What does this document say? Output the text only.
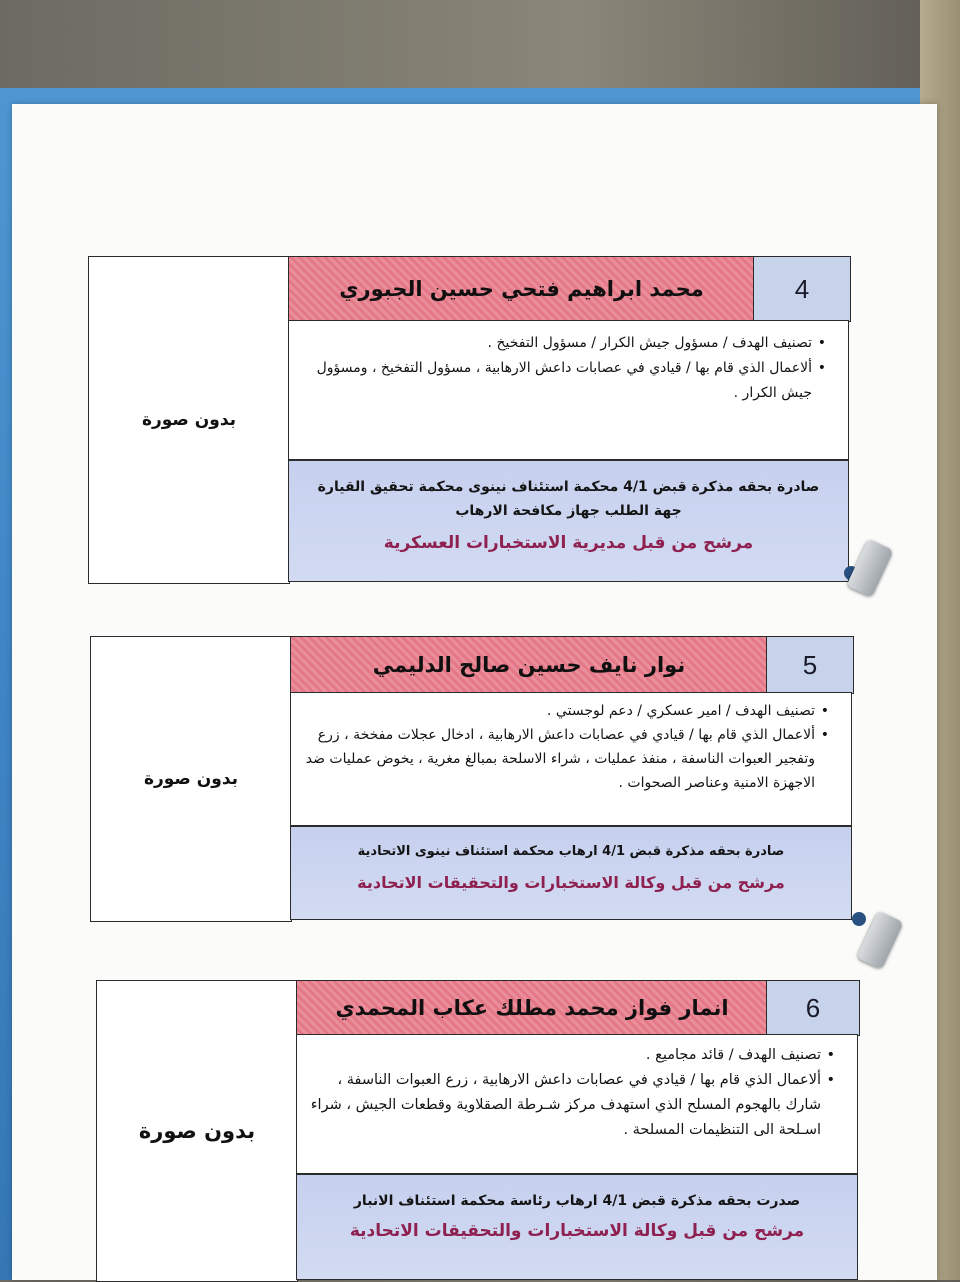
بدون صورة
محمد ابراهيم فتحي حسين الجبوري	4
• تصنيف الهدف / مسؤول جيش الكرار / مسؤول التفخيخ .
• ألاعمال الذي قام بها / قيادي في عصابات داعش الارهابية ، مسؤول التفخيخ ، ومسؤول جيش الكرار .
صادرة بحقه مذكرة قبض 4/1 محكمة استئناف نينوى محكمة تحقيق القيارة جهة الطلب جهاز مكافحة الارهاب
مرشح من قبل مديرية الاستخبارات العسكرية
بدون صورة
نوار نايف حسين صالح الدليمي	5
• تصنيف الهدف / امير عسكري / دعم لوجستي .
• ألاعمال الذي قام بها / قيادي في عصابات داعش الارهابية ، ادخال عجلات مفخخة ، زرع وتفجير العبوات الناسفة ، منفذ عمليات ، شراء الاسلحة بمبالغ مغرية ، يخوض عمليات ضد الاجهزة الامنية وعناصر الصحوات .
صادرة بحقه مذكرة قبض 4/1 ارهاب محكمة استئناف نينوى الاتحادية
مرشح من قبل وكالة الاستخبارات والتحقيقات الاتحادية
بدون صورة
انمار فواز محمد مطلك عكاب المحمدي	6
• تصنيف الهدف / قائد مجاميع .
• ألاعمال الذي قام بها / قيادي في عصابات داعش الارهابية ، زرع العبوات الناسفة ، شارك بالهجوم المسلح الذي استهدف مركز شـرطة الصقلاوية وقطعات الجيش ، شراء اسـلحة الى التنظيمات المسلحة .
صدرت بحقه مذكرة قبض 4/1 ارهاب رئاسة محكمة استئناف الانبار
مرشح من قبل وكالة الاستخبارات والتحقيقات الاتحادية
